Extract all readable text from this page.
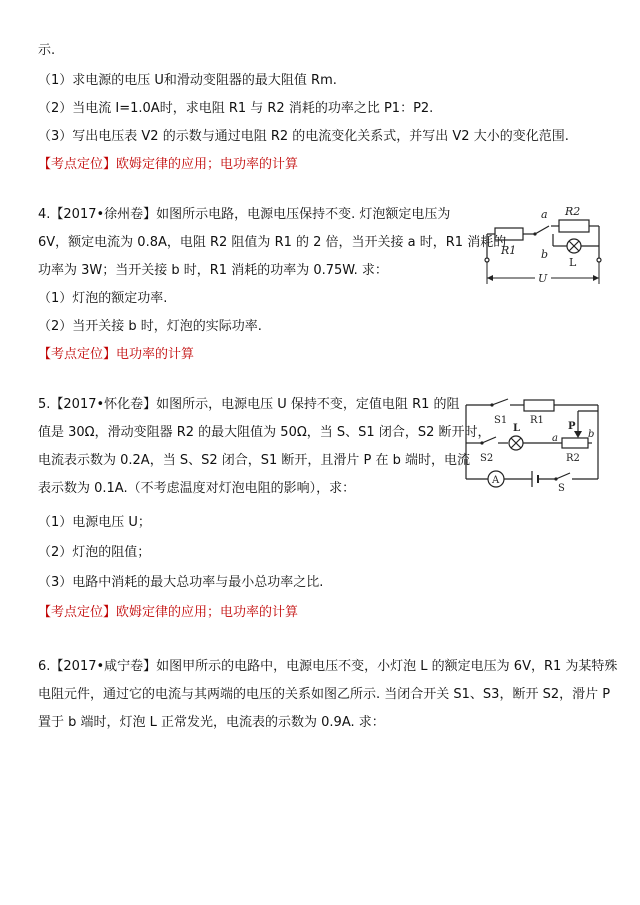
示.
（1）求电源的电压 U和滑动变阻器的最大阻值 Rm.
（2）当电流 I=1.0A时，求电阻 R1 与 R2 消耗的功率之比 P1：P2.
（3）写出电压表 V2 的示数与通过电阻 R2 的电流变化关系式，并写出 V2 大小的变化范围.
【考点定位】欧姆定律的应用；电功率的计算
4.【2017•徐州卷】如图所示电路，电源电压保持不变. 灯泡额定电压为
6V，额定电流为 0.8A，电阻 R2 阻值为 R1 的 2 倍，当开关接 a 时，R1 消耗的
功率为 3W；当开关接 b 时，R1 消耗的功率为 0.75W. 求：
（1）灯泡的额定功率.
（2）当开关接 b 时，灯泡的实际功率.
【考点定位】电功率的计算
a R2
R1 b
L
U
5.【2017•怀化卷】如图所示，电源电压 U 保持不变，定值电阻 R1 的阻
值是 30Ω，滑动变阻器 R2 的最大阻值为 50Ω，当 S、S1 闭合，S2 断开时，
电流表示数为 0.2A，当 S、S2 闭合，S1 断开，且滑片 P 在 b 端时，电流
表示数为 0.1A.（不考虑温度对灯泡电阻的影响），求：
（1）电源电压 U；
（2）灯泡的阻值；
（3）电路中消耗的最大总功率与最小总功率之比.
【考点定位】欧姆定律的应用；电功率的计算
S1 R1
L	P
a	b
S2	R2
A
S
6.【2017•咸宁卷】如图甲所示的电路中，电源电压不变，小灯泡 L 的额定电压为 6V，R1 为某特殊
电阻元件，通过它的电流与其两端的电压的关系如图乙所示. 当闭合开关 S1、S3，断开 S2，滑片 P
置于 b 端时，灯泡 L 正常发光，电流表的示数为 0.9A. 求：
